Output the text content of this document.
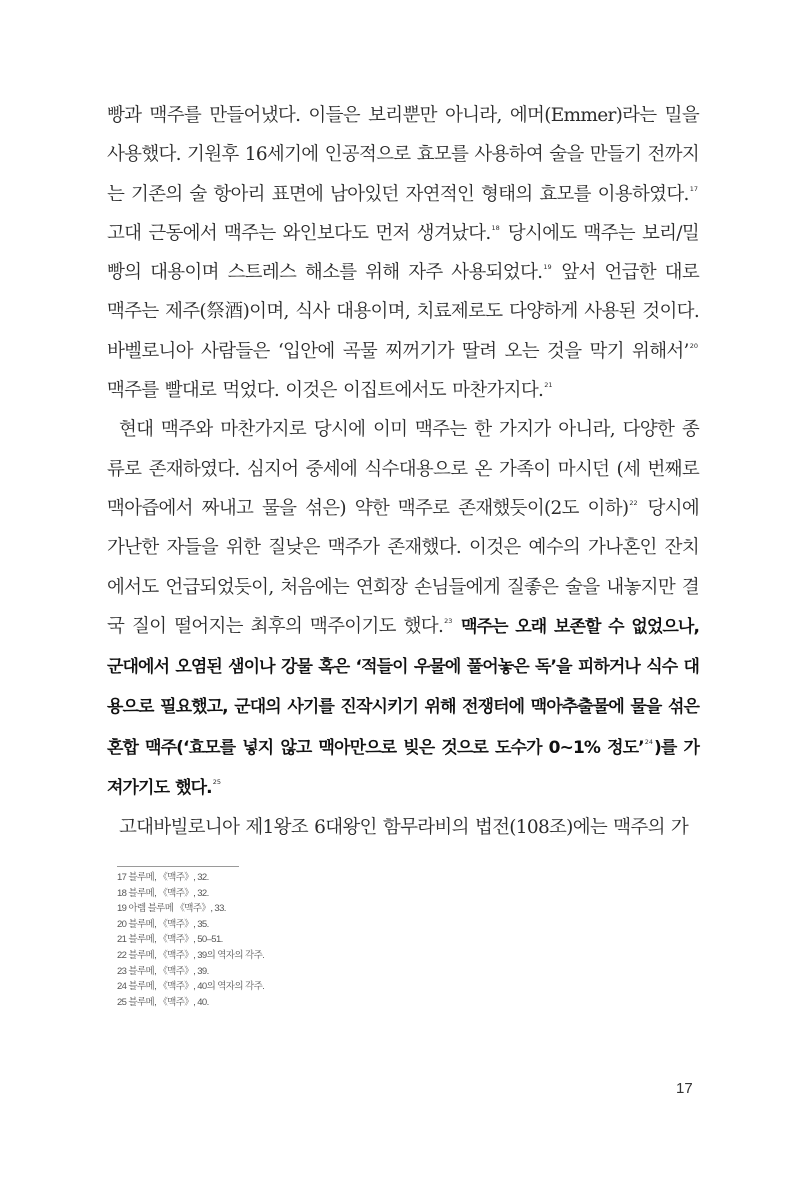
빵과 맥주를 만들어냈다. 이들은 보리뿐만 아니라, 에머(Emmer)라는 밀을 사용했다. 기원후 16세기에 인공적으로 효모를 사용하여 술을 만들기 전까지는 기존의 술 항아리 표면에 남아있던 자연적인 형태의 효모를 이용하였다.$^{17}$ 고대 근동에서 맥주는 와인보다도 먼저 생겨났다.$^{18}$ 당시에도 맥주는 보리/밀빵의 대용이며 스트레스 해소를 위해 자주 사용되었다.$^{19}$ 앞서 언급한 대로 맥주는 제주(祭酒)이며, 식사 대용이며, 치료제로도 다양하게 사용된 것이다. 바벨로니아 사람들은 ‘입안에 곡물 찌꺼기가 딸려 오는 것을 막기 위해서’$^{20}$ 맥주를 빨대로 먹었다. 이것은 이집트에서도 마찬가지다.$^{21}$

현대 맥주와 마찬가지로 당시에 이미 맥주는 한 가지가 아니라, 다양한 종류로 존재하였다. 심지어 중세에 식수대용으로 온 가족이 마시던 (세 번째로 맥아즙에서 짜내고 물을 섞은) 약한 맥주로 존재했듯이(2도 이하)$^{22}$ 당시에 가난한 자들을 위한 질낮은 맥주가 존재했다. 이것은 예수의 가나혼인 잔치에서도 언급되었듯이, 처음에는 연회장 손님들에게 질좋은 술을 내놓지만 결국 질이 떨어지는 최후의 맥주이기도 했다.$^{23}$ 맥주는 오래 보존할 수 없었으나, 군대에서 오염된 샘이나 강물 혹은 ‘적들이 우물에 풀어놓은 독’을 피하거나 식수 대용으로 필요했고, 군대의 사기를 진작시키기 위해 전쟁터에 맥아추출물에 물을 섞은 혼합 맥주(‘효모를 넣지 않고 맥아만으로 빚은 것으로 도수가 0~1% 정도’$^{24}$)를 가져가기도 했다.$^{25}$

고대바빌로니아 제1왕조 6대왕인 함무라비의 법전(108조)에는 맥주의 가

17 블루메, 《맥주》, 32.
18 블루메, 《맥주》, 32.
19 아렘 블루메 《맥주》, 33.
20 블루메, 《맥주》, 35.
21 블루메, 《맥주》, 50–51.
22 블루메, 《맥주》, 39의 역자의 각주.
23 블루메, 《맥주》, 39.
24 블루메, 《맥주》, 40의 역자의 각주.
25 블루메, 《맥주》, 40.
17
